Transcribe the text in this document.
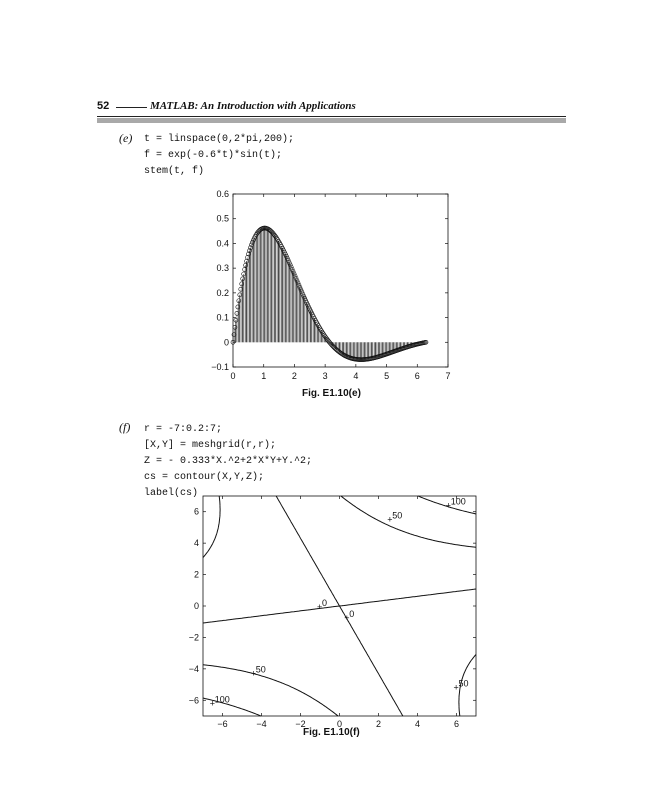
52	MATLAB: An Introduction with Applications
(e) t = linspace(0,2*pi,200);
f = exp(-0.6*t)*sin(t);
stem(t, f)
0	1	2	3	4	5	6	7
−0.1
0
0.1
0.2
0.3
0.4
0.5
0.6
Fig. E1.10(e)
(f) r = -7:0.2:7;
[X,Y] = meshgrid(r,r);
Z = - 0.333*X.^2+2*X*Y+Y.^2;
cs = contour(X,Y,Z);
label(cs)
+ 100
+ 50
+ 0
+ 0
+ 50
+ 100
+ 50
−6	−4	−2	0	2	4	6
−6
−4
−2
0
2
4
6
Fig. E1.10(f)
